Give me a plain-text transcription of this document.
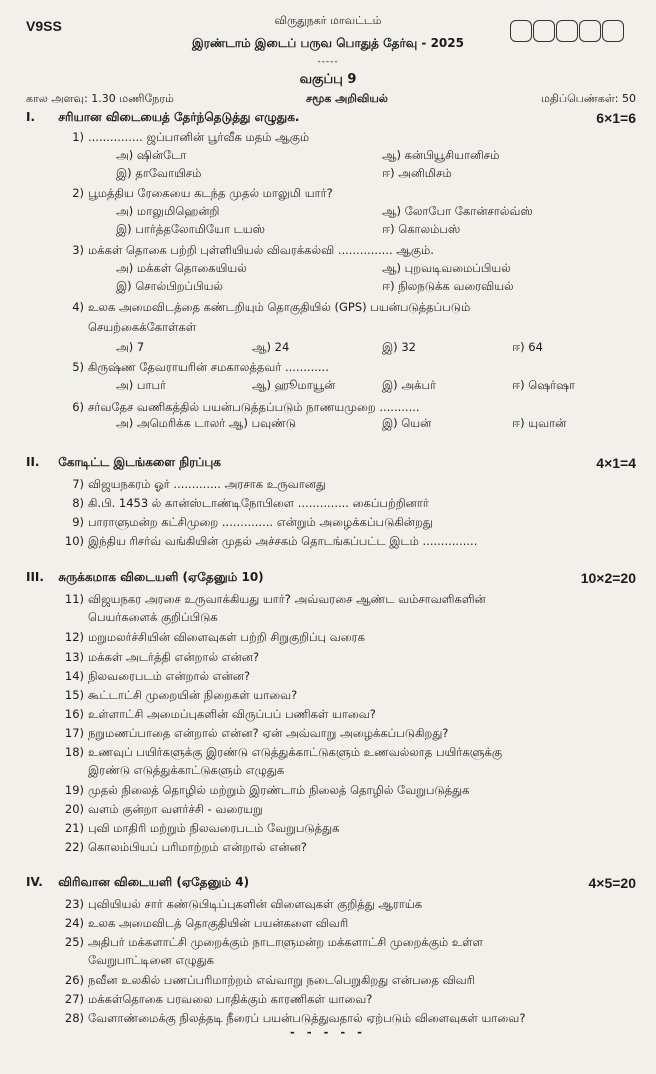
V9SS	விருதுநகர் மாவட்டம்
இரண்டாம் இடைப் பருவ பொதுத் தேர்வு - 2025
-----
வகுப்பு 9
கால அளவு: 1.30 மணிநேரம்	சமூக அறிவியல்	மதிப்பெண்கள்: 50
I. சரியான விடையைத் தேர்ந்தெடுத்து எழுதுக.	6×1=6
1) ............... ஜப்பானின் பூர்வீக மதம் ஆகும்
அ) ஷின்டோ	ஆ) கன்பியூசியானிசம்
இ) தாவோயிசம்	ஈ) அனிமிசம்
2) பூமத்திய ரேகையை கடந்த முதல் மாலுமி யார்?
அ) மாலுமிஹென்றி	ஆ) லோபோ கோன்சால்வ்ஸ்
இ) பார்த்தலோமியோ டயஸ்	ஈ) கொலம்பஸ்
3) மக்கள் தொகை பற்றி புள்ளியியல் விவரக்கல்வி ............... ஆகும்.
அ) மக்கள் தொகையியல்	ஆ) புறவடிவமைப்பியல்
இ) சொல்பிறப்பியல்	ஈ) நிலநடுக்க வரைவியல்
4) உலக அமைவிடத்தை கண்டறியும் தொகுதியில் (GPS) பயன்படுத்தப்படும்
செயற்கைக்கோள்கள்
அ) 7	ஆ) 24	இ) 32	ஈ) 64
5) கிருஷ்ண தேவராயரின் சமகாலத்தவர் ............
அ) பாபர்	ஆ) ஹூமாயூன்	இ) அக்பர்	ஈ) ஷெர்ஷா
6) சர்வதேச வணிகத்தில் பயன்படுத்தப்படும் நாணயமுறை ...........
அ) அமெரிக்க டாலர் ஆ) பவுண்டு	இ) யென்	ஈ) யுவான்
II. கோடிட்ட இடங்களை நிரப்புக	4×1=4
7) விஜயநகரம் ஓர் ............. அரசாக உருவானது
8) கி.பி. 1453 ல் கான்ஸ்டாண்டிநோபிளை .............. கைப்பற்றினார்
9) பாராளுமன்ற கட்சிமுறை .............. என்றும் அழைக்கப்படுகின்றது
10) இந்திய ரிசர்வ் வங்கியின் முதல் அச்சகம் தொடங்கப்பட்ட இடம் ...............
III. சுருக்கமாக விடையளி (ஏதேனும் 10)	10×2=20
11) விஜயநகர அரசை உருவாக்கியது யார்? அவ்வரசை ஆண்ட வம்சாவளிகளின்
பெயர்களைக் குறிப்பிடுக
12) மறுமலர்ச்சியின் விளைவுகள் பற்றி சிறுகுறிப்பு வரைக
13) மக்கள் அடர்த்தி என்றால் என்ன?
14) நிலவரைபடம் என்றால் என்ன?
15) கூட்டாட்சி முறையின் நிறைகள் யாவை?
16) உள்ளாட்சி அமைப்புகளின் விருப்பப் பணிகள் யாவை?
17) நறுமணப்பாதை என்றால் என்ன? ஏன் அவ்வாறு அழைக்கப்படுகிறது?
18) உணவுப் பயிர்களுக்கு இரண்டு எடுத்துக்காட்டுகளும் உணவல்லாத பயிர்களுக்கு
இரண்டு எடுத்துக்காட்டுகளும் எழுதுக
19) முதல் நிலைத் தொழில் மற்றும் இரண்டாம் நிலைத் தொழில் வேறுபடுத்துக
20) வளம் குன்றா வளர்ச்சி - வரையறு
21) புவி மாதிரி மற்றும் நிலவரைபடம் வேறுபடுத்துக
22) கொலம்பியப் பரிமாற்றம் என்றால் என்ன?
IV. விரிவான விடையளி (ஏதேனும் 4)	4×5=20
23) புவியியல் சார் கண்டுபிடிப்புகளின் விளைவுகள் குறித்து ஆராய்க
24) உலக அமைவிடத் தொகுதியின் பயன்களை விவரி
25) அதிபர் மக்களாட்சி முறைக்கும் நாடாளுமன்ற மக்களாட்சி முறைக்கும் உள்ள
வேறுபாட்டினை எழுதுக
26) நவீன உலகில் பணப்பரிமாற்றம் எவ்வாறு நடைபெறுகிறது என்பதை விவரி
27) மக்கள்தொகை பரவலை பாதிக்கும் காரணிகள் யாவை?
28) வேளாண்மைக்கு நிலத்தடி நீரைப் பயன்படுத்துவதால் ஏற்படும் விளைவுகள் யாவை?
- - - - -
